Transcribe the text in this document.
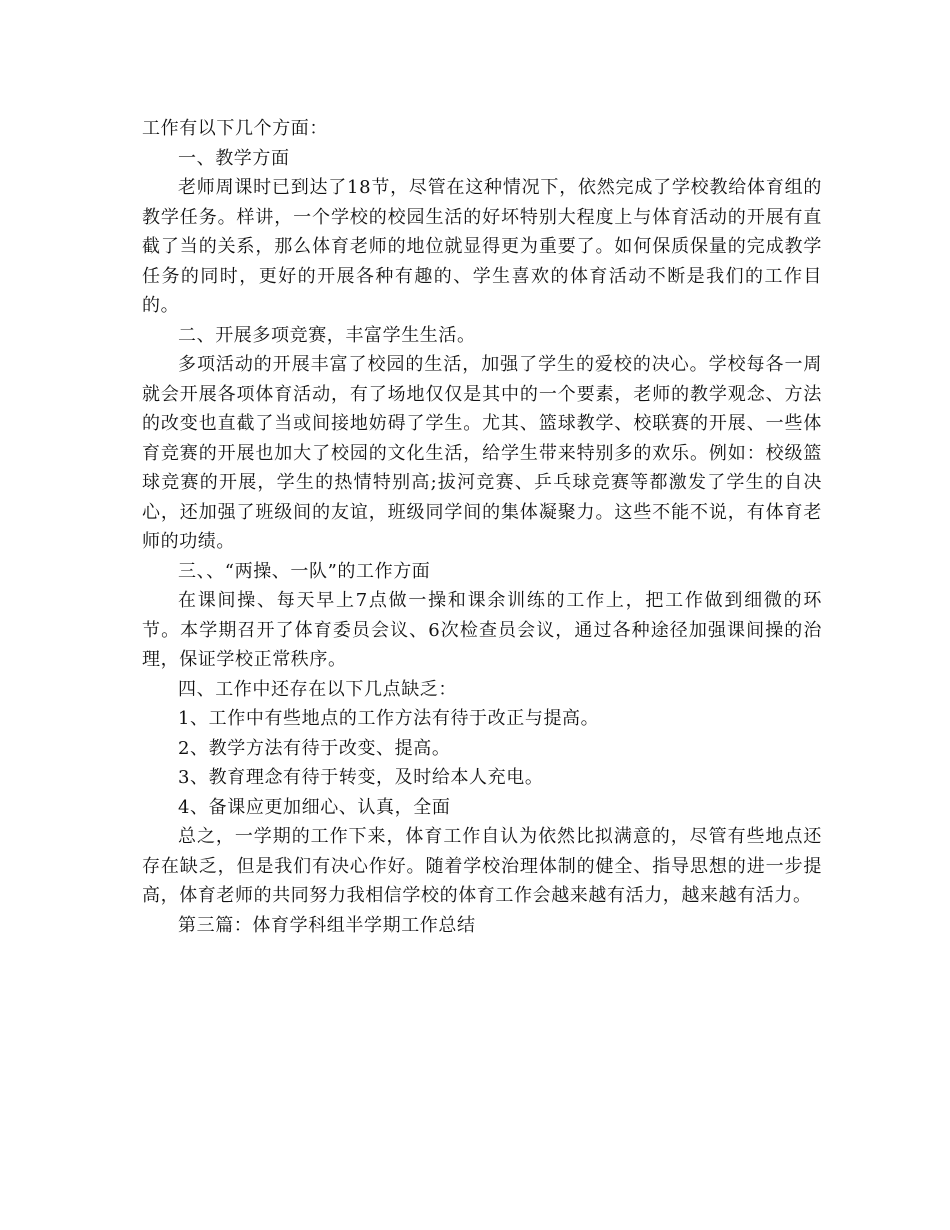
工作有以下几个方面：

一、教学方面

老师周课时已到达了18节，尽管在这种情况下，依然完成了学校教给体育组的教学任务。样讲，一个学校的校园生活的好坏特别大程度上与体育活动的开展有直截了当的关系，那么体育老师的地位就显得更为重要了。如何保质保量的完成教学任务的同时，更好的开展各种有趣的、学生喜欢的体育活动不断是我们的工作目的。

二、开展多项竞赛，丰富学生生活。

多项活动的开展丰富了校园的生活，加强了学生的爱校的决心。学校每各一周就会开展各项体育活动，有了场地仅仅是其中的一个要素，老师的教学观念、方法的改变也直截了当或间接地妨碍了学生。尤其、篮球教学、校联赛的开展、一些体育竞赛的开展也加大了校园的文化生活，给学生带来特别多的欢乐。例如：校级篮球竞赛的开展，学生的热情特别高;拔河竞赛、乒乓球竞赛等都激发了学生的自决心，还加强了班级间的友谊，班级同学间的集体凝聚力。这些不能不说，有体育老师的功绩。

三、、“两操、一队”的工作方面

在课间操、每天早上7点做一操和课余训练的工作上，把工作做到细微的环节。本学期召开了体育委员会议、6次检查员会议，通过各种途径加强课间操的治理，保证学校正常秩序。

四、工作中还存在以下几点缺乏：

1、工作中有些地点的工作方法有待于改正与提高。

2、教学方法有待于改变、提高。

3、教育理念有待于转变，及时给本人充电。

4、备课应更加细心、认真，全面

总之，一学期的工作下来，体育工作自认为依然比拟满意的，尽管有些地点还存在缺乏，但是我们有决心作好。随着学校治理体制的健全、指导思想的进一步提高，体育老师的共同努力我相信学校的体育工作会越来越有活力，越来越有活力。

第三篇：体育学科组半学期工作总结
